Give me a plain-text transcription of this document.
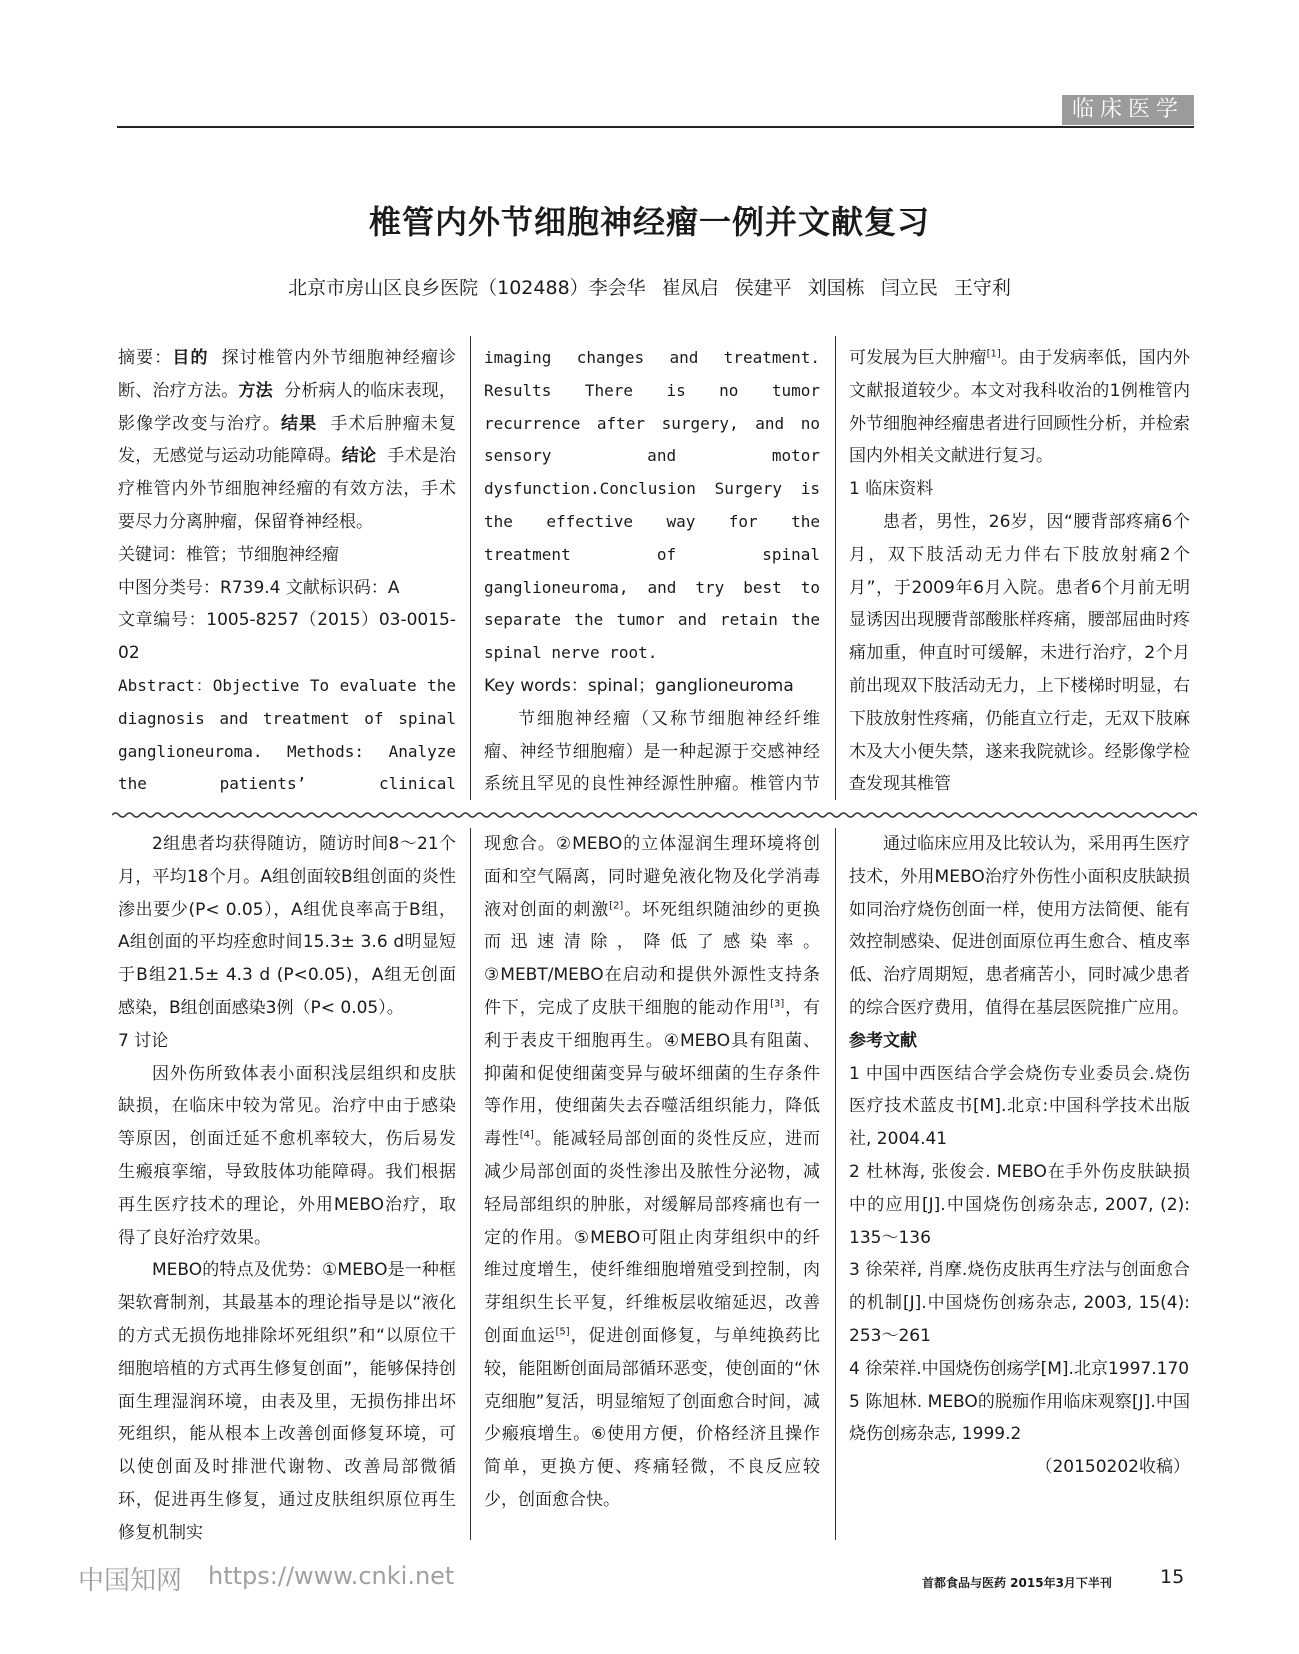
临床医学
椎管内外节细胞神经瘤一例并文献复习
北京市房山区良乡医院（102488）李会华 崔凤启 侯建平 刘国栋 闫立民 王守利

摘要：目的 探讨椎管内外节细胞神经瘤诊断、治疗方法。方法 分析病人的临床表现，影像学改变与治疗。结果 手术后肿瘤未复发，无感觉与运动功能障碍。结论 手术是治疗椎管内外节细胞神经瘤的有效方法，手术要尽力分离肿瘤，保留脊神经根。

关键词：椎管；节细胞神经瘤

中图分类号：R739.4 文献标识码：A

文章编号：1005-8257（2015）03-0015-02

Abstract：Objective To evaluate the diagnosis and treatment of spinal ganglioneuroma. Methods: Analyze the patients’ clinical

imaging changes and treatment. Results There is no tumor recurrence after surgery, and no sensory and motor dysfunction.Conclusion Surgery is the effective way for the treatment of spinal ganglioneuroma, and try best to separate the tumor and retain the spinal nerve root.

Key words：spinal；ganglioneuroma

节细胞神经瘤（又称节细胞神经纤维瘤、神经节细胞瘤）是一种起源于交感神经系统且罕见的良性神经源性肿瘤。椎管内节

可发展为巨大肿瘤[1]。由于发病率低，国内外文献报道较少。本文对我科收治的1例椎管内外节细胞神经瘤患者进行回顾性分析，并检索国内外相关文献进行复习。

1 临床资料

患者，男性，26岁，因“腰背部疼痛6个月，双下肢活动无力伴右下肢放射痛2个月”，于2009年6月入院。患者6个月前无明显诱因出现腰背部酸胀样疼痛，腰部屈曲时疼痛加重，伸直时可缓解，未进行治疗，2个月前出现双下肢活动无力，上下楼梯时明显，右下肢放射性疼痛，仍能直立行走，无双下肢麻木及大小便失禁，遂来我院就诊。经影像学检查发现其椎管

2组患者均获得随访，随访时间8～21个月，平均18个月。A组创面较B组创面的炎性渗出要少(P< 0.05），A组优良率高于B组，A组创面的平均痊愈时间15.3± 3.6 d明显短于B组21.5± 4.3 d (P<0.05)，A组无创面感染，B组创面感染3例（P< 0.05）。

7 讨论

因外伤所致体表小面积浅层组织和皮肤缺损，在临床中较为常见。治疗中由于感染等原因，创面迁延不愈机率较大，伤后易发生瘢痕挛缩，导致肢体功能障碍。我们根据再生医疗技术的理论，外用MEBO治疗，取得了良好治疗效果。

MEBO的特点及优势：①MEBO是一种框架软膏制剂，其最基本的理论指导是以“液化的方式无损伤地排除坏死组织”和“以原位干细胞培植的方式再生修复创面”，能够保持创面生理湿润环境，由表及里，无损伤排出坏死组织，能从根本上改善创面修复环境，可以使创面及时排泄代谢物、改善局部微循环，促进再生修复，通过皮肤组织原位再生修复机制实

现愈合。②MEBO的立体湿润生理环境将创面和空气隔离，同时避免液化物及化学消毒液对创面的刺激[2]。坏死组织随油纱的更换而迅速清除，降低了感染率。③MEBT/MEBO在启动和提供外源性支持条件下，完成了皮肤干细胞的能动作用[3]，有利于表皮干细胞再生。④MEBO具有阻菌、抑菌和促使细菌变异与破坏细菌的生存条件等作用，使细菌失去吞噬活组织能力，降低毒性[4]。能减轻局部创面的炎性反应，进而减少局部创面的炎性渗出及脓性分泌物，减轻局部组织的肿胀，对缓解局部疼痛也有一定的作用。⑤MEBO可阻止肉芽组织中的纤维过度增生，使纤维细胞增殖受到控制，肉芽组织生长平复，纤维板层收缩延迟，改善创面血运[5]，促进创面修复，与单纯换药比较，能阻断创面局部循环恶变，使创面的“休克细胞”复活，明显缩短了创面愈合时间，减少瘢痕增生。⑥使用方便，价格经济且操作简单，更换方便、疼痛轻微，不良反应较少，创面愈合快。

通过临床应用及比较认为，采用再生医疗技术，外用MEBO治疗外伤性小面积皮肤缺损如同治疗烧伤创面一样，使用方法简便、能有效控制感染、促进创面原位再生愈合、植皮率低、治疗周期短，患者痛苦小，同时减少患者的综合医疗费用，值得在基层医院推广应用。

参考文献

1 中国中西医结合学会烧伤专业委员会.烧伤医疗技术蓝皮书[M].北京:中国科学技术出版社, 2004.41

2 杜林海, 张俊会. MEBO在手外伤皮肤缺损中的应用[J].中国烧伤创疡杂志, 2007, (2): 135～136

3 徐荣祥, 肖摩.烧伤皮肤再生疗法与创面愈合的机制[J].中国烧伤创疡杂志, 2003, 15(4): 253～261

4 徐荣祥.中国烧伤创疡学[M].北京1997.170

5 陈旭林. MEBO的脱痂作用临床观察[J].中国烧伤创疡杂志, 1999.2

（20150202收稿）

中国知网 https://www.cnki.net	首都食品与医药 2015年3月下半刊	15
